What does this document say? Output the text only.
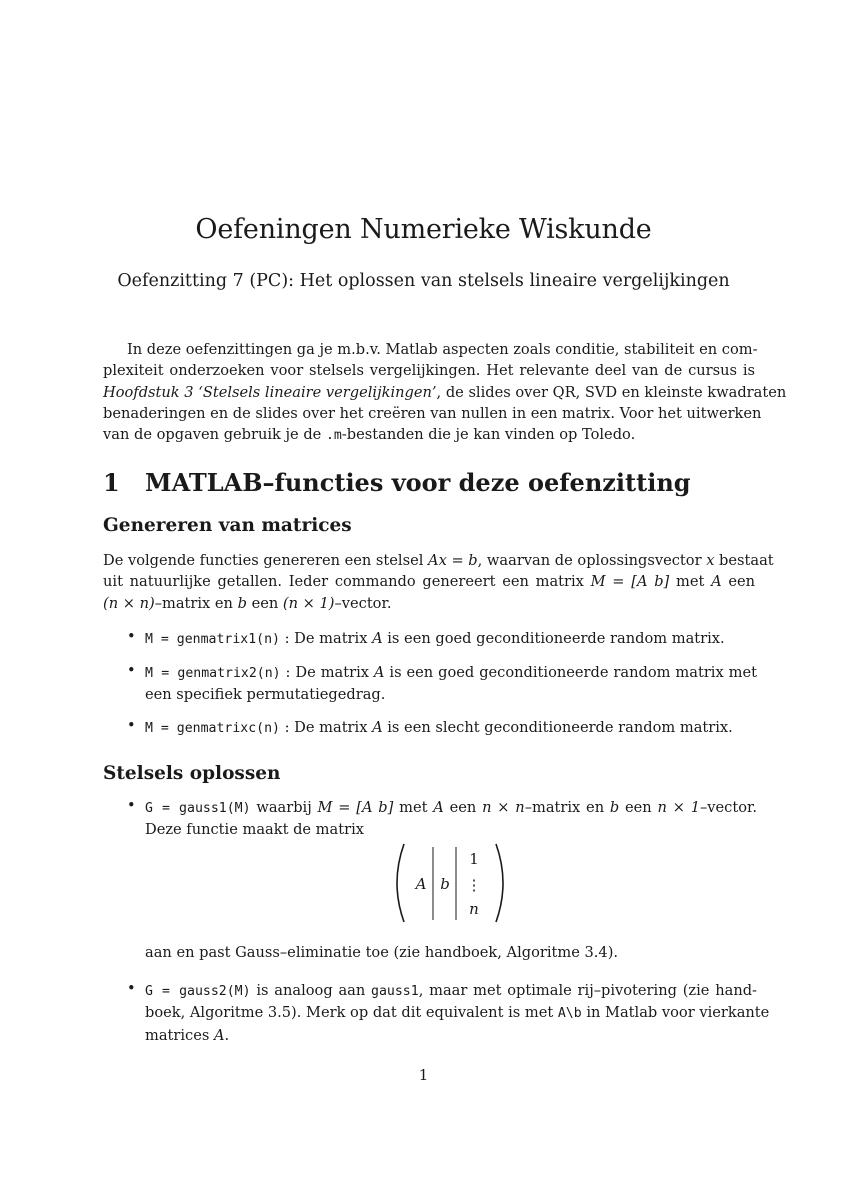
Oefeningen Numerieke Wiskunde
Oefenzitting 7 (PC): Het oplossen van stelsels lineaire vergelijkingen
In deze oefenzittingen ga je m.b.v. Matlab aspecten zoals conditie, stabiliteit en com-
plexiteit onderzoeken voor stelsels vergelijkingen. Het relevante deel van de cursus is
Hoofdstuk 3 ‘Stelsels lineaire vergelijkingen’, de slides over QR, SVD en kleinste kwadraten
benaderingen en de slides over het creëren van nullen in een matrix. Voor het uitwerken
van de opgaven gebruik je de .m-bestanden die je kan vinden op Toledo.
1 MATLAB–functies voor deze oefenzitting
Genereren van matrices
De volgende functies genereren een stelsel Ax = b, waarvan de oplossingsvector x bestaat
uit natuurlijke getallen. Ieder commando genereert een matrix M = [A b] met A een
(n × n)–matrix en b een (n × 1)–vector.
• M = genmatrix1(n) : De matrix A is een goed geconditioneerde random matrix.
• M = genmatrix2(n) : De matrix A is een goed geconditioneerde random matrix met
een specifiek permutatiegedrag.
• M = genmatrixc(n) : De matrix A is een slecht geconditioneerde random matrix.
Stelsels oplossen
• G = gauss1(M) waarbij M = [A b] met A een n × n–matrix en b een n × 1–vector.
Deze functie maakt de matrix
A b
1
⋮
n
aan en past Gauss–eliminatie toe (zie handboek, Algoritme 3.4).
• G = gauss2(M) is analoog aan gauss1, maar met optimale rij–pivotering (zie hand-
boek, Algoritme 3.5). Merk op dat dit equivalent is met A\b in Matlab voor vierkante
matrices A.
1
